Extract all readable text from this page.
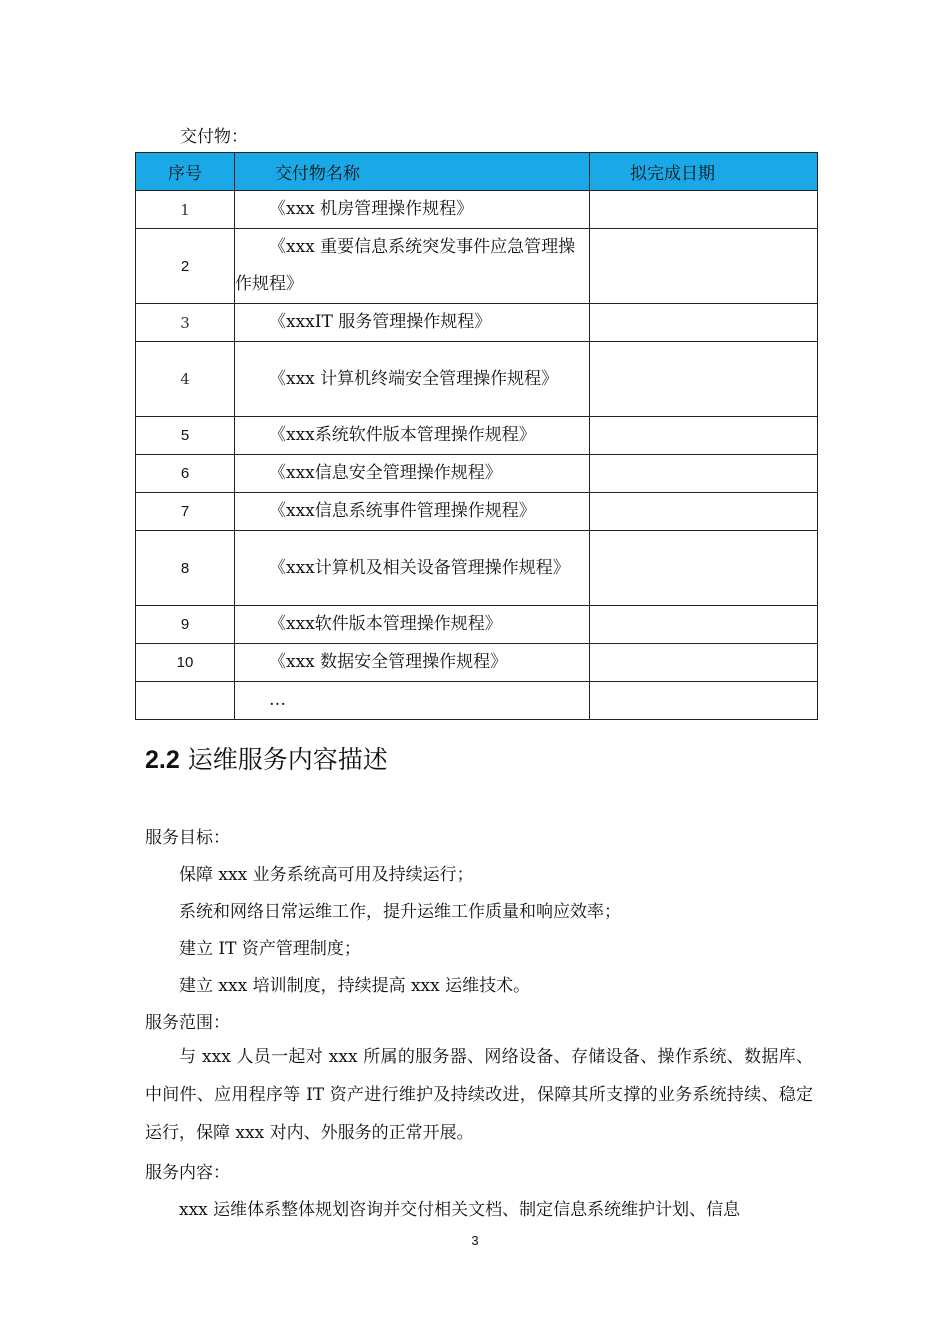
交付物：
序号	交付物名称	拟完成日期
1	《xxx 机房管理操作规程》	
2	《xxx 重要信息系统突发事件应急管理操作规程》	
3	《xxxIT 服务管理操作规程》	
4	《xxx 计算机终端安全管理操作规程》	
5	《xxx系统软件版本管理操作规程》	
6	《xxx信息安全管理操作规程》	
7	《xxx信息系统事件管理操作规程》	
8	《xxx计算机及相关设备管理操作规程》	
9	《xxx软件版本管理操作规程》	
10	《xxx 数据安全管理操作规程》	
	…	
2.2 运维服务内容描述
服务目标：
保障 xxx 业务系统高可用及持续运行；
系统和网络日常运维工作，提升运维工作质量和响应效率；
建立 IT 资产管理制度；
建立 xxx 培训制度，持续提高 xxx 运维技术。
服务范围：
与 xxx 人员一起对 xxx 所属的服务器、网络设备、存储设备、操作系统、数据库、中间件、应用程序等 IT 资产进行维护及持续改进，保障其所支撑的业务系统持续、稳定运行，保障 xxx 对内、外服务的正常开展。
服务内容：
xxx 运维体系整体规划咨询并交付相关文档、制定信息系统维护计划、信息
3
